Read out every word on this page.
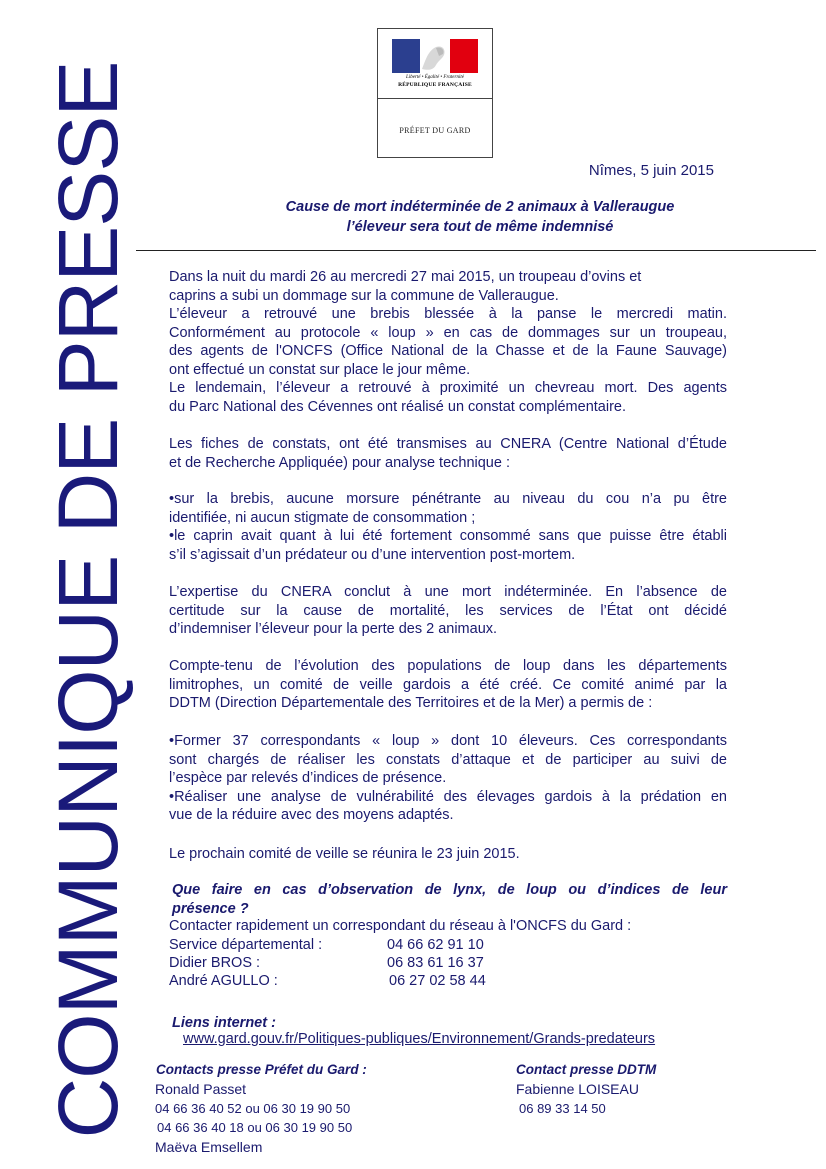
COMMUNIQUE DE PRESSE	Liberté • Égalité • Fraternité
RÉPUBLIQUE FRANÇAISE
PRÉFET DU GARD
Nîmes, 5 juin 2015
Cause de mort indéterminée de 2 animaux à Valleraugue
l’éleveur sera tout de même indemnisé

Dans la nuit du mardi 26 au mercredi 27 mai 2015, un troupeau d’ovins et

caprins a subi un dommage sur la commune de Valleraugue.

L’éleveur a retrouvé une brebis blessée à la panse le mercredi matin.

Conformément au protocole « loup » en cas de dommages sur un troupeau,

des agents de l'ONCFS (Office National de la Chasse et de la Faune Sauvage)

ont effectué un constat sur place le jour même.

Le lendemain, l’éleveur a retrouvé à proximité un chevreau mort. Des agents

du Parc National des Cévennes ont réalisé un constat complémentaire.

Les fiches de constats, ont été transmises au CNERA (Centre National d’Étude

et de Recherche Appliquée) pour analyse technique :

•sur la brebis, aucune morsure pénétrante au niveau du cou n’a pu être

identifiée, ni aucun stigmate de consommation ;

•le caprin avait quant à lui été fortement consommé sans que puisse être établi

s’il s’agissait d’un prédateur ou d’une intervention post-mortem.

L’expertise du CNERA conclut à une mort indéterminée. En l’absence de

certitude sur la cause de mortalité, les services de l’État ont décidé

d’indemniser l’éleveur pour la perte des 2 animaux.

Compte-tenu de l’évolution des populations de loup dans les départements

limitrophes, un comité de veille gardois a été créé. Ce comité animé par la

DDTM (Direction Départementale des Territoires et de la Mer) a permis de :

•Former 37 correspondants « loup » dont 10 éleveurs. Ces correspondants

sont chargés de réaliser les constats d’attaque et de participer au suivi de

l’espèce par relevés d’indices de présence.

•Réaliser une analyse de vulnérabilité des élevages gardois à la prédation en

vue de la réduire avec des moyens adaptés.

Le prochain comité de veille se réunira le 23 juin 2015.

Que faire en cas d’observation de lynx, de loup ou d’indices de leur

présence ?

Contacter rapidement un correspondant du réseau à l'ONCFS du Gard :

Service départemental :	04 66 62 91 10
Didier BROS :	06 83 61 16 37
André AGULLO :	06 27 02 58 44
Liens internet :
www.gard.gouv.fr/Politiques-publiques/Environnement/Grands-predateurs
Contacts presse Préfet du Gard :
Ronald Passet
04 66 36 40 52 ou 06 30 19 90 50
04 66 36 40 18 ou 06 30 19 90 50
Maëva Emsellem
Contact presse DDTM
Fabienne LOISEAU
06 89 33 14 50
